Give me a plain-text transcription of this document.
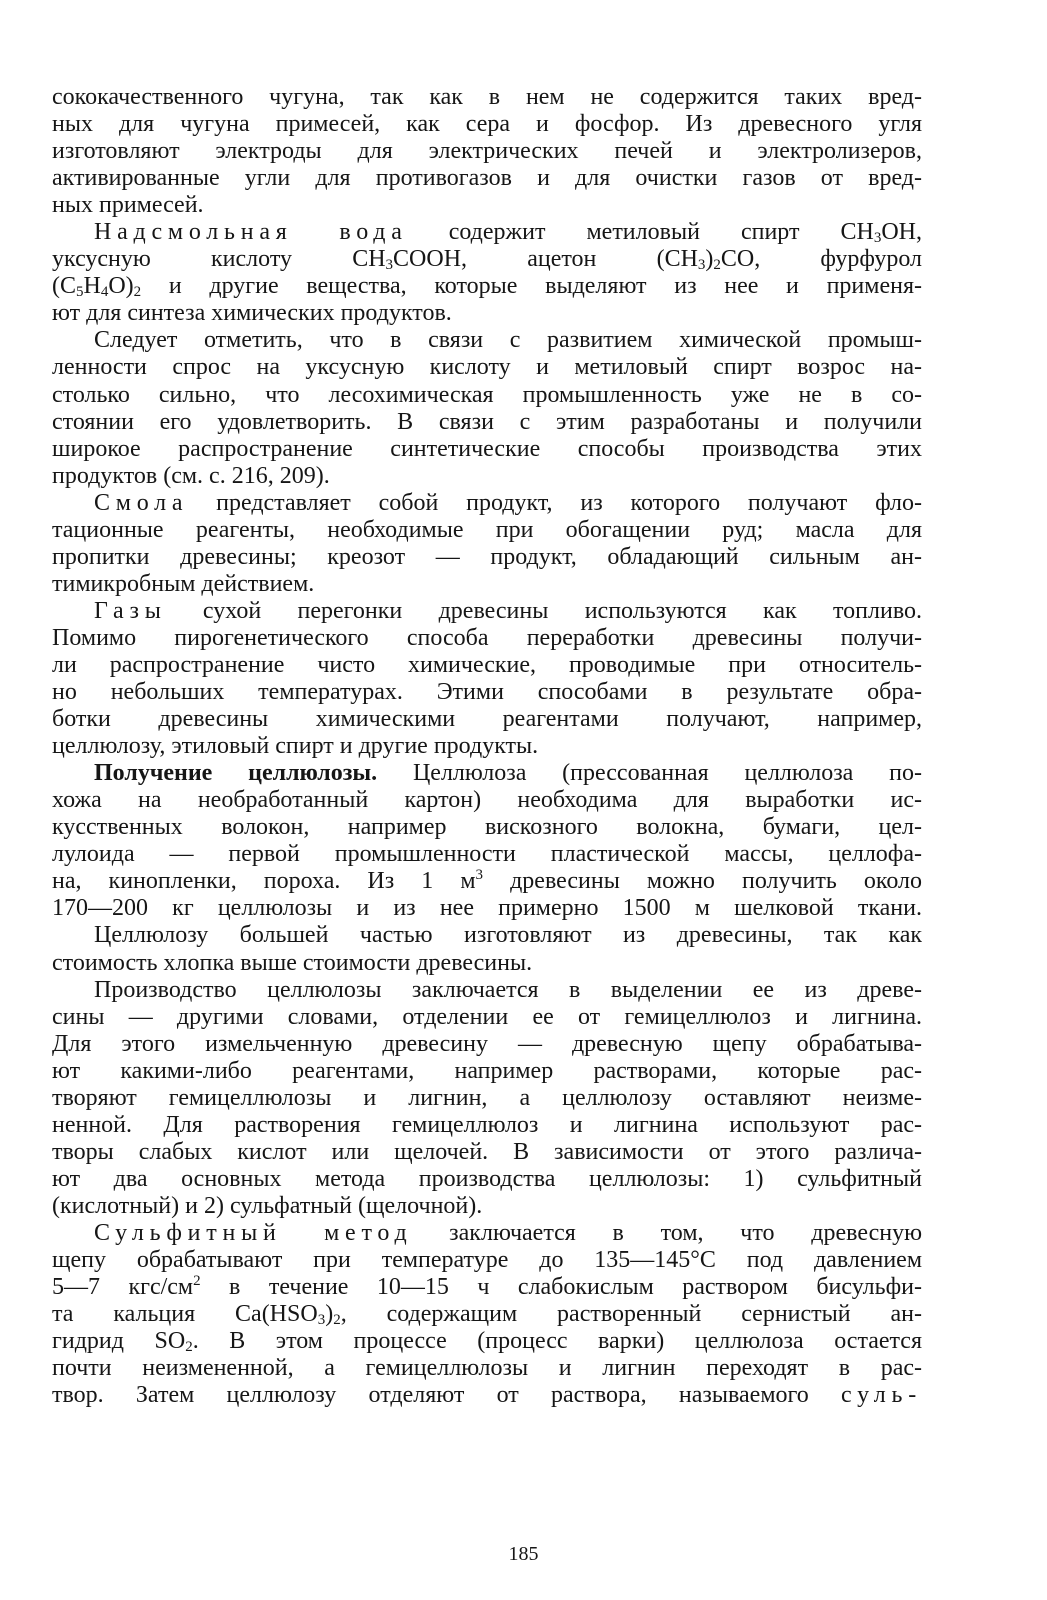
сококачественного чугуна, так как в нем не содержится таких вред-
ных для чугуна примесей, как сера и фосфор. Из древесного угля
изготовляют электроды для электрических печей и электролизеров,
активированные угли для противогазов и для очистки газов от вред-
ных примесей.
Надсмольная вода содержит метиловый спирт $CH_3OH$,
уксусную кислоту $CH_3COOH$, ацетон $(CH_3)_2CO$, фурфурол
$(C_5H_4O)_2$ и другие вещества, которые выделяют из нее и применя-
ют для синтеза химических продуктов.
Следует отметить, что в связи с развитием химической промыш-
ленности спрос на уксусную кислоту и метиловый спирт возрос на-
столько сильно, что лесохимическая промышленность уже не в со-
стоянии его удовлетворить. В связи с этим разработаны и получили
широкое распространение синтетические способы производства этих
продуктов (см. с. 216, 209).
Смола представляет собой продукт, из которого получают фло-
тационные реагенты, необходимые при обогащении руд; масла для
пропитки древесины; креозот — продукт, обладающий сильным ан-
тимикробным действием.
Газы сухой перегонки древесины используются как топливо.
Помимо пирогенетического способа переработки древесины получи-
ли распространение чисто химические, проводимые при относитель-
но небольших температурах. Этими способами в результате обра-
ботки древесины химическими реагентами получают, например,
целлюлозу, этиловый спирт и другие продукты.
Получение целлюлозы. Целлюлоза (прессованная целлюлоза по-
хожа на необработанный картон) необходима для выработки ис-
кусственных волокон, например вискозного волокна, бумаги, цел-
лулоида — первой промышленности пластической массы, целлофа-
на, кинопленки, пороха. Из 1 $м^3$ древесины можно получить около
170—200 кг целлюлозы и из нее примерно 1500 м шелковой ткани.
Целлюлозу большей частью изготовляют из древесины, так как
стоимость хлопка выше стоимости древесины.
Производство целлюлозы заключается в выделении ее из древе-
сины — другими словами, отделении ее от гемицеллюлоз и лигнина.
Для этого измельченную древесину — древесную щепу обрабатыва-
ют какими-либо реагентами, например растворами, которые рас-
творяют гемицеллюлозы и лигнин, а целлюлозу оставляют неизме-
ненной. Для растворения гемицеллюлоз и лигнина используют рас-
творы слабых кислот или щелочей. В зависимости от этого различа-
ют два основных метода производства целлюлозы: 1) сульфитный
(кислотный) и 2) сульфатный (щелочной).
Сульфитный метод заключается в том, что древесную
щепу обрабатывают при температуре до 135—145°C под давлением
5—7 кгс/$см^2$ в течение 10—15 ч слабокислым раствором бисульфи-
та кальция $Ca(HSO_3)_2$, содержащим растворенный сернистый ан-
гидрид $SO_2$. В этом процессе (процесс варки) целлюлоза остается
почти неизмененной, а гемицеллюлозы и лигнин переходят в рас-
твор. Затем целлюлозу отделяют от раствора, называемого суль-
185
